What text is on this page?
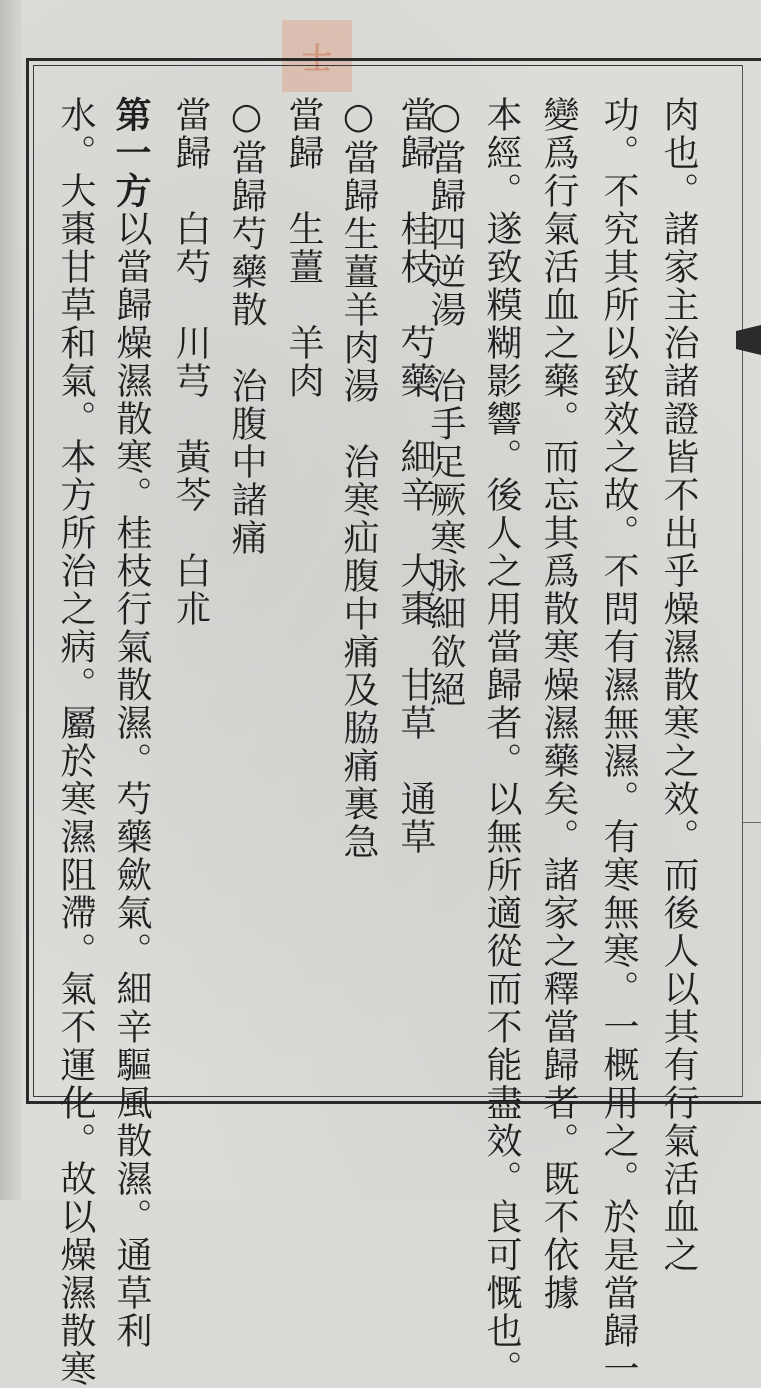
士
肉也。諸家主治諸證皆不出乎燥濕散寒之效。而後人以其有行氣活血之
功。不究其所以致效之故。不問有濕無濕。有寒無寒。一概用之。於是當歸一
變爲行氣活血之藥。而忘其爲散寒燥濕藥矣。諸家之釋當歸者。既不依據
本經。遂致糢糊影響。後人之用當歸者。以無所適從而不能盡效。良可慨也。
○當歸四逆湯　治手足厥寒脉細欲絕
當歸　桂枝　芍藥　細辛　大棗　甘草　通草
○當歸生薑羊肉湯　治寒疝腹中痛及脇痛裏急
當歸　生薑　羊肉
○當歸芍藥散　治腹中諸痛
當歸　白芍　川芎　黃芩　白朮
第一方以當歸燥濕散寒。桂枝行氣散濕。芍藥歛氣。細辛驅風散濕。通草利
水。大棗甘草和氣。本方所治之病。屬於寒濕阻滯。氣不運化。故以燥濕散寒
